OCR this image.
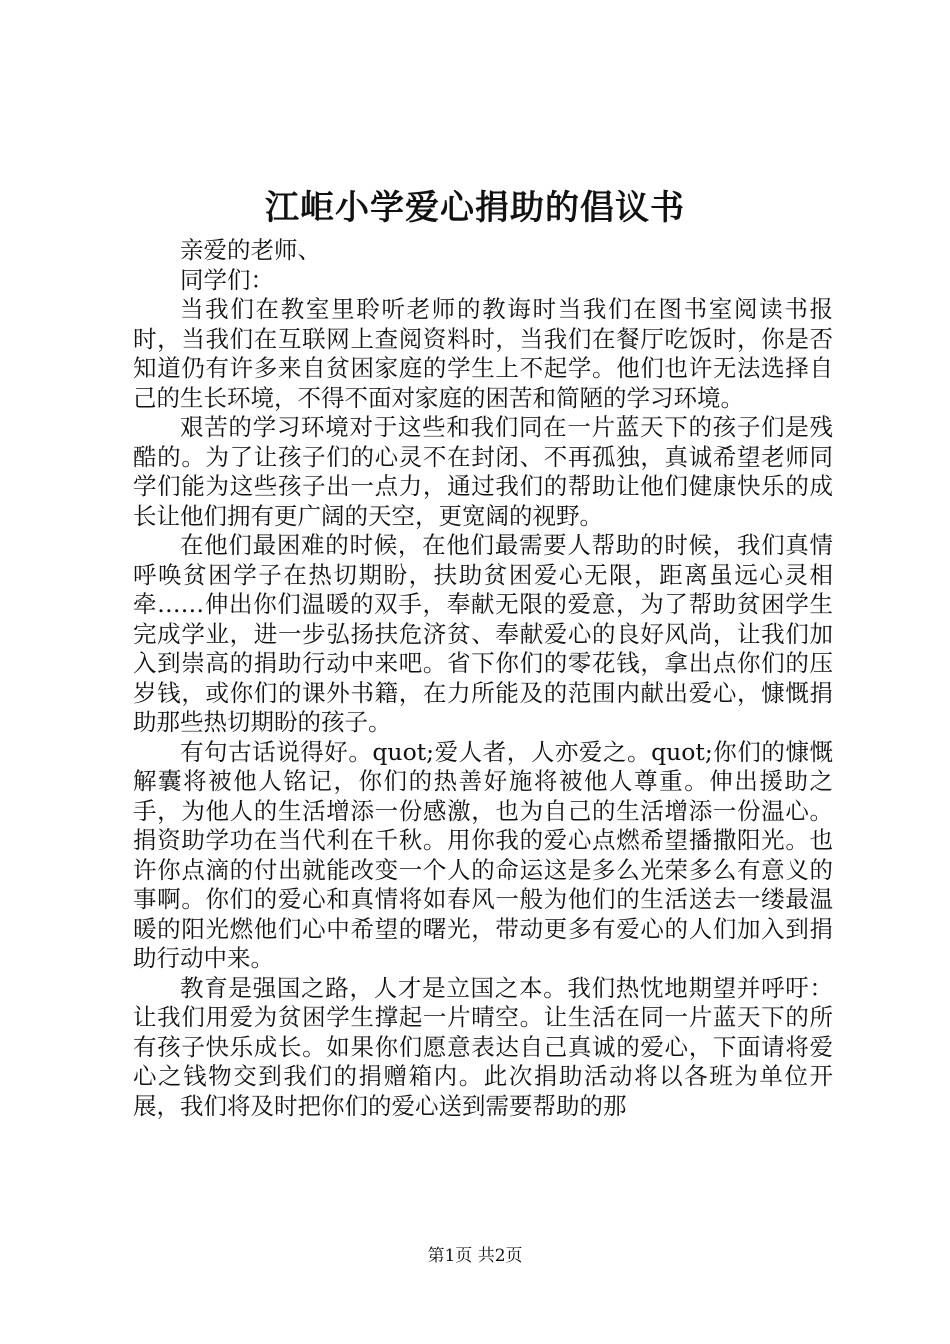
江岠小学爱心捐助的倡议书

亲爱的老师、

同学们：

当我们在教室里聆听老师的教诲时当我们在图书室阅读书报时，当我们在互联网上查阅资料时，当我们在餐厅吃饭时，你是否知道仍有许多来自贫困家庭的学生上不起学。他们也许无法选择自己的生长环境，不得不面对家庭的困苦和简陋的学习环境。

艰苦的学习环境对于这些和我们同在一片蓝天下的孩子们是残酷的。为了让孩子们的心灵不在封闭、不再孤独，真诚希望老师同学们能为这些孩子出一点力，通过我们的帮助让他们健康快乐的成长让他们拥有更广阔的天空，更宽阔的视野。

在他们最困难的时候，在他们最需要人帮助的时候，我们真情呼唤贫困学子在热切期盼，扶助贫困爱心无限，距离虽远心灵相牵……伸出你们温暖的双手，奉献无限的爱意，为了帮助贫困学生完成学业，进一步弘扬扶危济贫、奉献爱心的良好风尚，让我们加入到崇高的捐助行动中来吧。省下你们的零花钱，拿出点你们的压岁钱，或你们的课外书籍，在力所能及的范围内献出爱心，慷慨捐助那些热切期盼的孩子。

有句古话说得好。quot;爱人者，人亦爱之。quot;你们的慷慨解囊将被他人铭记，你们的热善好施将被他人尊重。伸出援助之手，为他人的生活增添一份感激，也为自己的生活增添一份温心。捐资助学功在当代利在千秋。用你我的爱心点燃希望播撒阳光。也许你点滴的付出就能改变一个人的命运这是多么光荣多么有意义的事啊。你们的爱心和真情将如春风一般为他们的生活送去一缕最温暖的阳光燃他们心中希望的曙光，带动更多有爱心的人们加入到捐助行动中来。

教育是强国之路，人才是立国之本。我们热忱地期望并呼吁：让我们用爱为贫困学生撑起一片晴空。让生活在同一片蓝天下的所有孩子快乐成长。如果你们愿意表达自己真诚的爱心，下面请将爱心之钱物交到我们的捐赠箱内。此次捐助活动将以各班为单位开展，我们将及时把你们的爱心送到需要帮助的那

第1页 共2页
